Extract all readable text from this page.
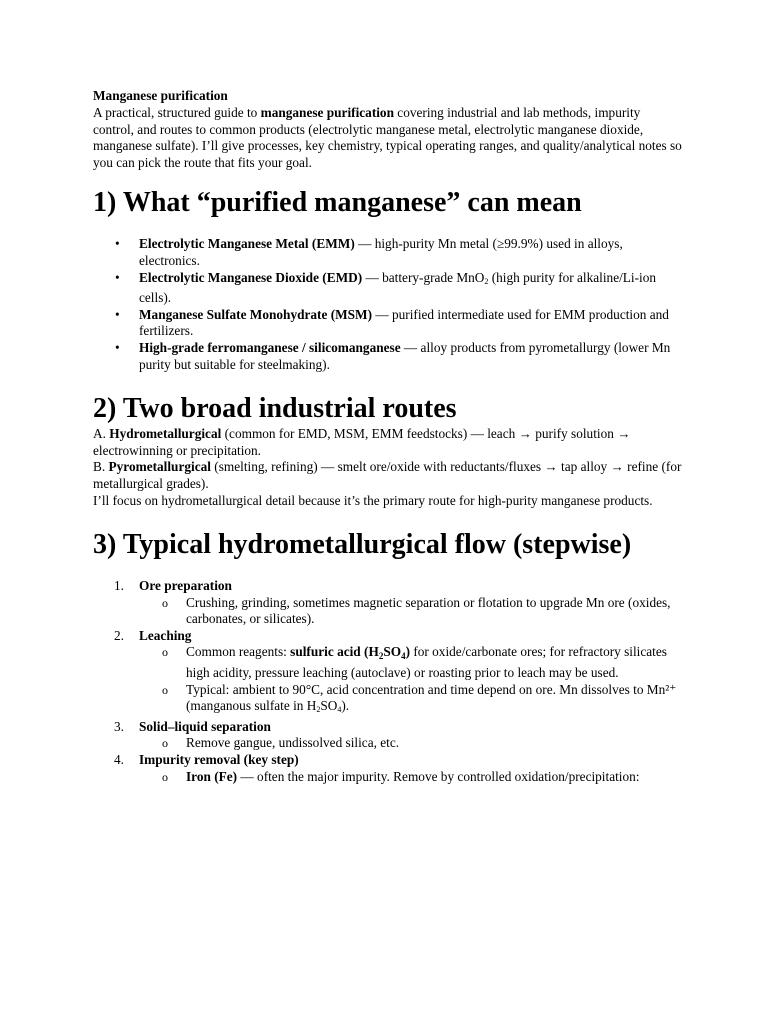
Manganese purification

A practical, structured guide to manganese purification covering industrial and lab methods, impurity control, and routes to common products (electrolytic manganese metal, electrolytic manganese dioxide, manganese sulfate). I’ll give processes, key chemistry, typical operating ranges, and quality/analytical notes so you can pick the route that fits your goal.

1) What “purified manganese” can mean
• Electrolytic Manganese Metal (EMM) — high-purity Mn metal (≥99.9%) used in alloys, electronics.
• Electrolytic Manganese Dioxide (EMD) — battery-grade MnO$_2$ (high purity for alkaline/Li-ion cells).
• Manganese Sulfate Monohydrate (MSM) — purified intermediate used for EMM production and fertilizers.
• High-grade ferromanganese / silicomanganese — alloy products from pyrometallurgy (lower Mn purity but suitable for steelmaking).
2) Two broad industrial routes

A. Hydrometallurgical (common for EMD, MSM, EMM feedstocks) — leach → purify solution → electrowinning or precipitation.
B. Pyrometallurgical (smelting, refining) — smelt ore/oxide with reductants/fluxes → tap alloy → refine (for metallurgical grades).

I’ll focus on hydrometallurgical detail because it’s the primary route for high-purity manganese products.

3) Typical hydrometallurgical flow (stepwise)
1. Ore preparation
o Crushing, grinding, sometimes magnetic separation or flotation to upgrade Mn ore (oxides, carbonates, or silicates).
2. Leaching
o Common reagents: sulfuric acid $(H_2SO_4)$ for oxide/carbonate ores; for refractory silicates high acidity, pressure leaching (autoclave) or roasting prior to leach may be used.
o Typical: ambient to 90°C, acid concentration and time depend on ore. Mn dissolves to Mn²⁺ (manganous sulfate in $H_2SO_4$).
3. Solid–liquid separation
o Remove gangue, undissolved silica, etc.
4. Impurity removal (key step)
o Iron (Fe) — often the major impurity. Remove by controlled oxidation/precipitation:
